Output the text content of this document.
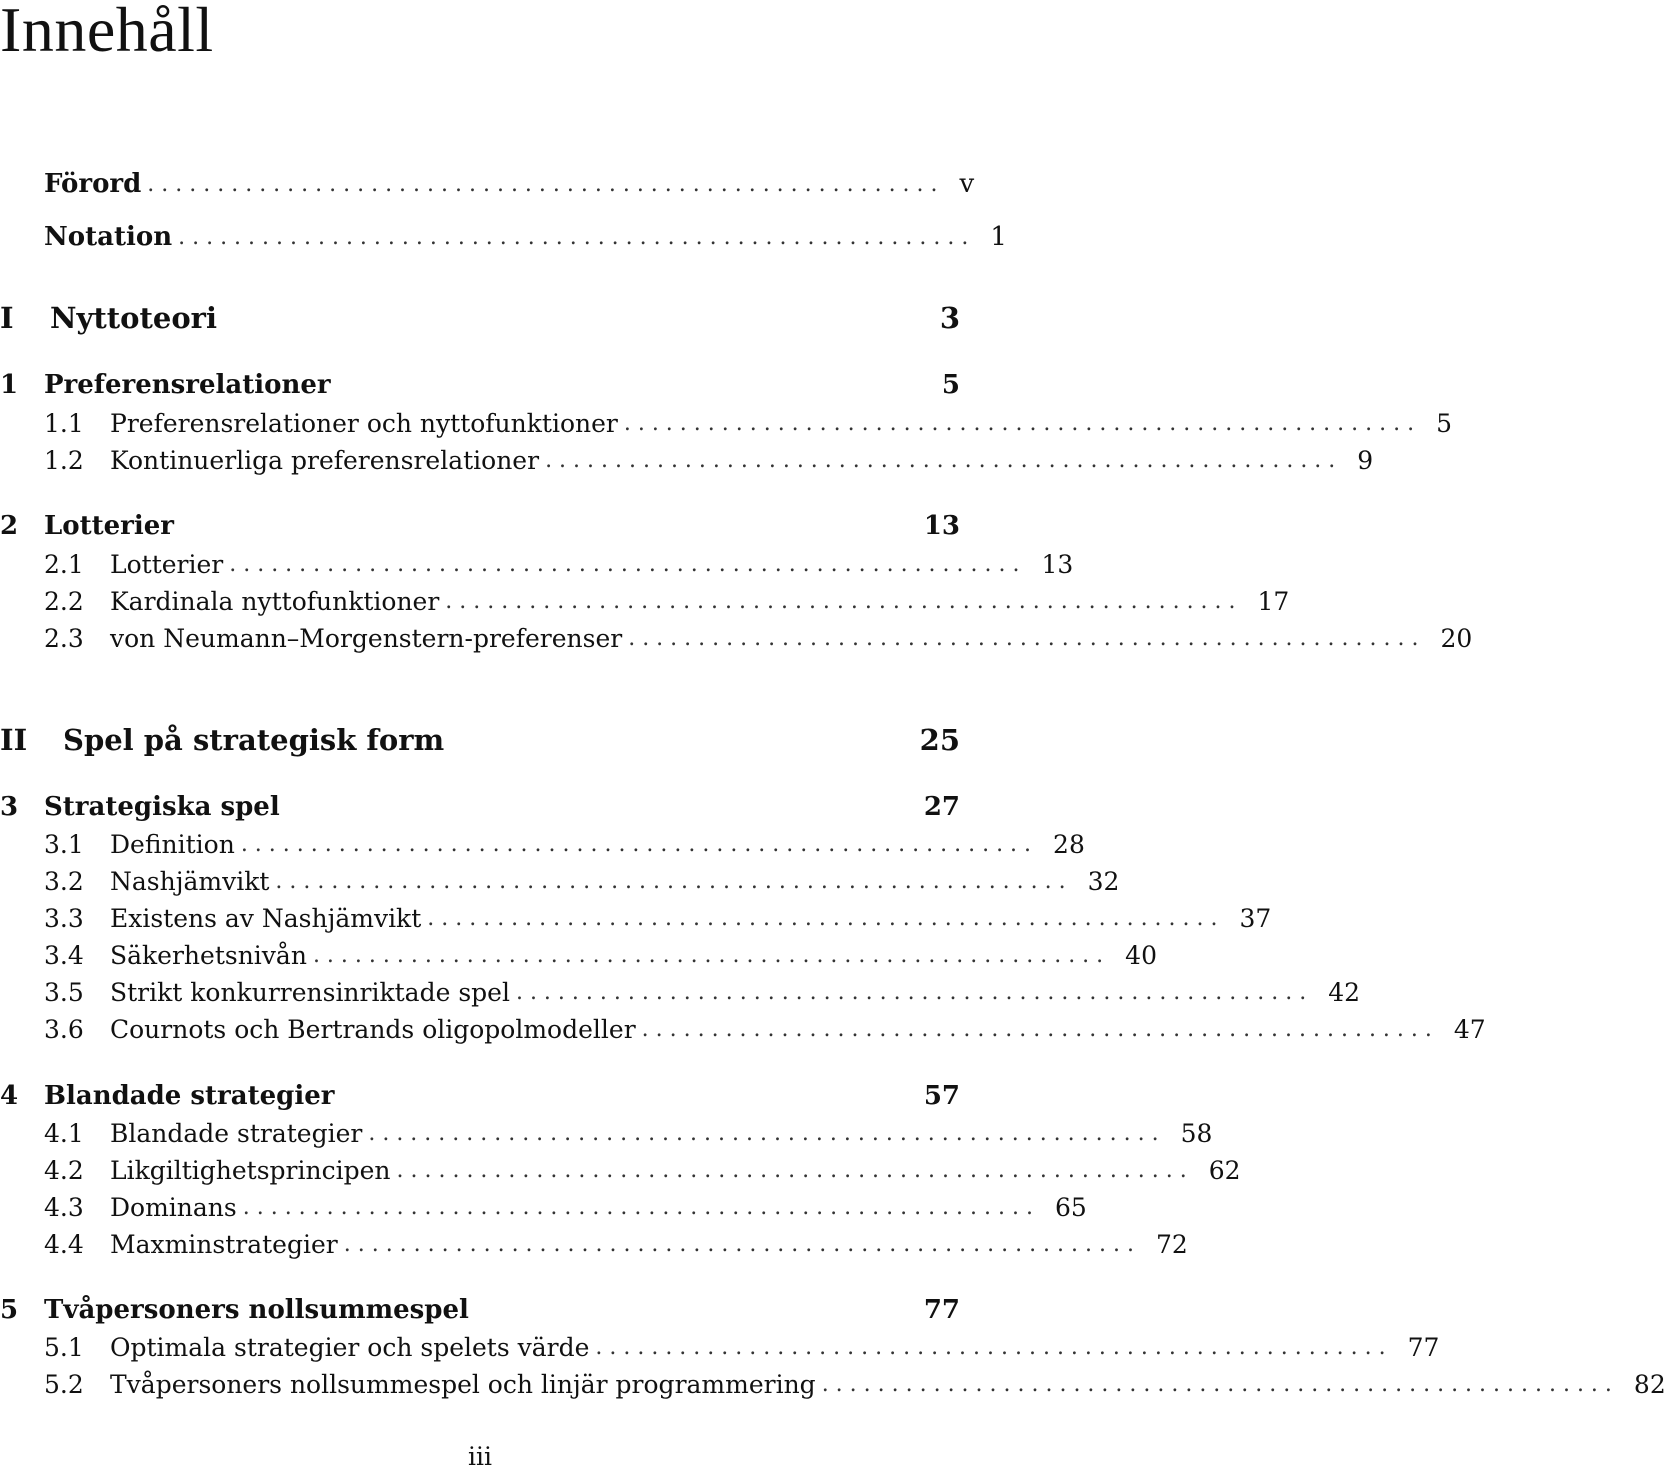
Innehåll
Förord . . . . . . . . . . . . . . . . . . . . . . . . . . . . . . . . . . . . . . . . . . . . . . . . . . . . . . . . . v
Notation . . . . . . . . . . . . . . . . . . . . . . . . . . . . . . . . . . . . . . . . . . . . . . . . . . . . . . . . . 1
I	Nyttoteori	3
1 Preferensrelationer	5
1.1	Preferensrelationer och nyttofunktioner . . . . . . . . . . . . . . . . . . . . . . . . . . . . . . . . . . . . . . . . . . . . . . . . . . . . . . . . . 5
1.2	Kontinuerliga preferensrelationer . . . . . . . . . . . . . . . . . . . . . . . . . . . . . . . . . . . . . . . . . . . . . . . . . . . . . . . . . 9
2 Lotterier	13
2.1	Lotterier . . . . . . . . . . . . . . . . . . . . . . . . . . . . . . . . . . . . . . . . . . . . . . . . . . . . . . . . . 13
2.2	Kardinala nyttofunktioner . . . . . . . . . . . . . . . . . . . . . . . . . . . . . . . . . . . . . . . . . . . . . . . . . . . . . . . . . 17
2.3	von Neumann–Morgenstern-preferenser . . . . . . . . . . . . . . . . . . . . . . . . . . . . . . . . . . . . . . . . . . . . . . . . . . . . . . . . . 20
II	Spel på strategisk form	25
3 Strategiska spel	27
3.1	Definition . . . . . . . . . . . . . . . . . . . . . . . . . . . . . . . . . . . . . . . . . . . . . . . . . . . . . . . . . 28
3.2	Nashjämvikt . . . . . . . . . . . . . . . . . . . . . . . . . . . . . . . . . . . . . . . . . . . . . . . . . . . . . . . . . 32
3.3	Existens av Nashjämvikt . . . . . . . . . . . . . . . . . . . . . . . . . . . . . . . . . . . . . . . . . . . . . . . . . . . . . . . . . 37
3.4	Säkerhetsnivån . . . . . . . . . . . . . . . . . . . . . . . . . . . . . . . . . . . . . . . . . . . . . . . . . . . . . . . . . 40
3.5	Strikt konkurrensinriktade spel . . . . . . . . . . . . . . . . . . . . . . . . . . . . . . . . . . . . . . . . . . . . . . . . . . . . . . . . . 42
3.6	Cournots och Bertrands oligopolmodeller . . . . . . . . . . . . . . . . . . . . . . . . . . . . . . . . . . . . . . . . . . . . . . . . . . . . . . . . . 47
4 Blandade strategier	57
4.1	Blandade strategier . . . . . . . . . . . . . . . . . . . . . . . . . . . . . . . . . . . . . . . . . . . . . . . . . . . . . . . . . 58
4.2	Likgiltighetsprincipen . . . . . . . . . . . . . . . . . . . . . . . . . . . . . . . . . . . . . . . . . . . . . . . . . . . . . . . . . 62
4.3	Dominans . . . . . . . . . . . . . . . . . . . . . . . . . . . . . . . . . . . . . . . . . . . . . . . . . . . . . . . . . 65
4.4	Maxminstrategier . . . . . . . . . . . . . . . . . . . . . . . . . . . . . . . . . . . . . . . . . . . . . . . . . . . . . . . . . 72
5 Tvåpersoners nollsummespel	77
5.1	Optimala strategier och spelets värde . . . . . . . . . . . . . . . . . . . . . . . . . . . . . . . . . . . . . . . . . . . . . . . . . . . . . . . . . 77
5.2	Tvåpersoners nollsummespel och linjär programmering . . . . . . . . . . . . . . . . . . . . . . . . . . . . . . . . . . . . . . . . . . . . . . . . . . . . . . . . . 82
iii
